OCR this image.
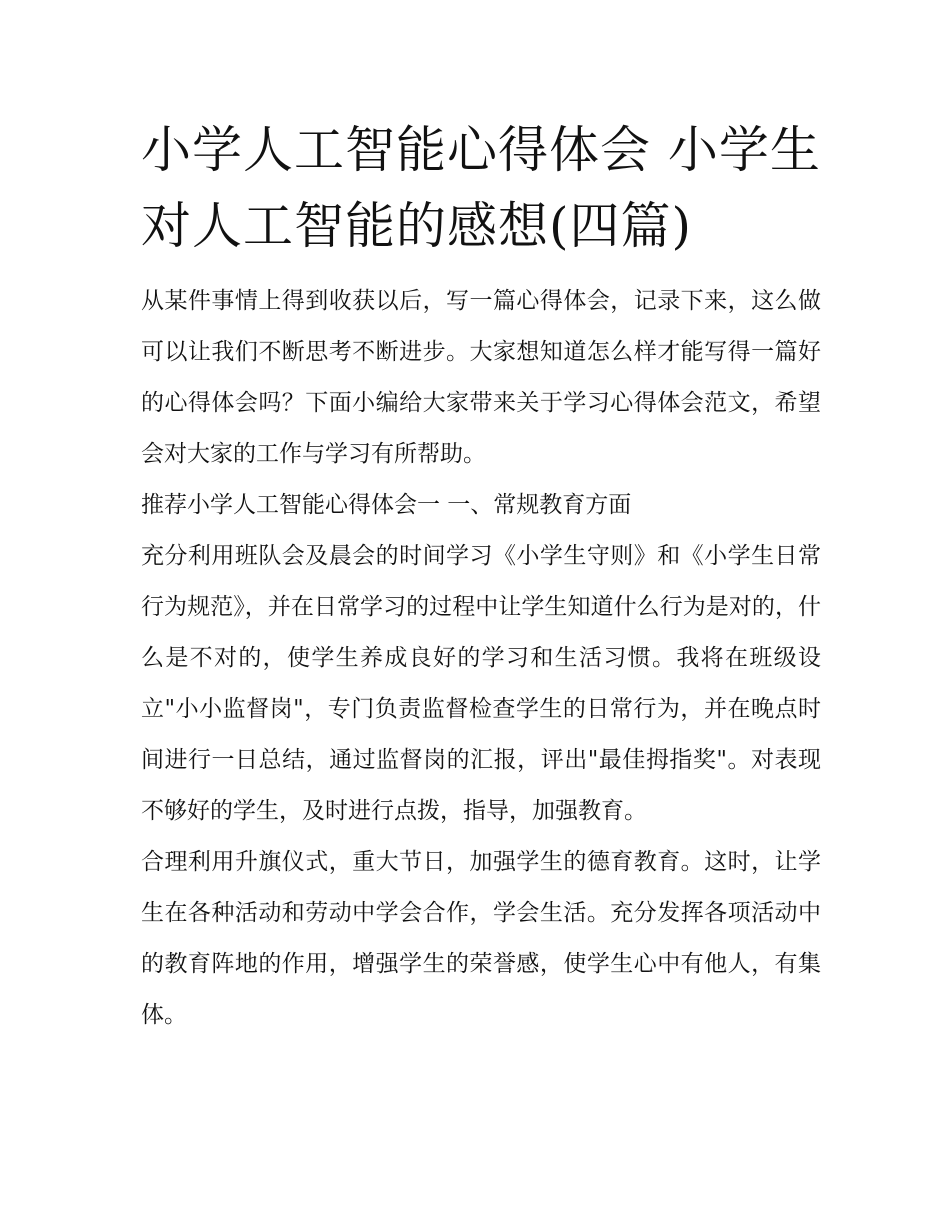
小学人工智能心得体会 小学生对人工智能的感想(四篇)

从某件事情上得到收获以后，写一篇心得体会，记录下来，这么做可以让我们不断思考不断进步。大家想知道怎么样才能写得一篇好的心得体会吗？下面小编给大家带来关于学习心得体会范文，希望会对大家的工作与学习有所帮助。

推荐小学人工智能心得体会一 一、常规教育方面

充分利用班队会及晨会的时间学习《小学生守则》和《小学生日常行为规范》，并在日常学习的过程中让学生知道什么行为是对的，什么是不对的，使学生养成良好的学习和生活习惯。我将在班级设立"小小监督岗"，专门负责监督检查学生的日常行为，并在晚点时间进行一日总结，通过监督岗的汇报，评出"最佳拇指奖"。对表现不够好的学生，及时进行点拨，指导，加强教育。

合理利用升旗仪式，重大节日，加强学生的德育教育。这时，让学生在各种活动和劳动中学会合作，学会生活。充分发挥各项活动中的教育阵地的作用，增强学生的荣誉感，使学生心中有他人，有集体。
